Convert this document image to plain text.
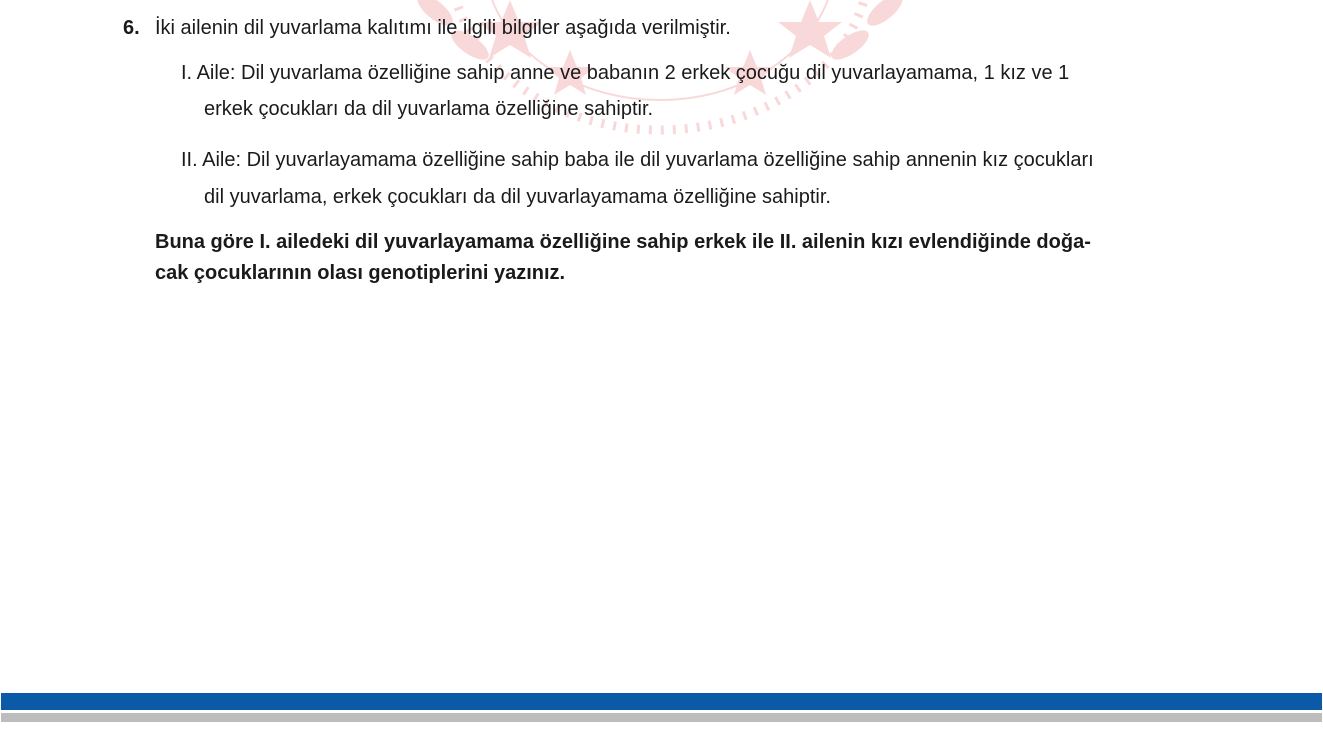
6. İki ailenin dil yuvarlama kalıtımı ile ilgili bilgiler aşağıda verilmiştir.
I. Aile: Dil yuvarlama özelliğine sahip anne ve babanın 2 erkek çocuğu dil yuvarlayamama, 1 kız ve 1
erkek çocukları da dil yuvarlama özelliğine sahiptir.
II. Aile: Dil yuvarlayamama özelliğine sahip baba ile dil yuvarlama özelliğine sahip annenin kız çocukları
dil yuvarlama, erkek çocukları da dil yuvarlayamama özelliğine sahiptir.
Buna göre I. ailedeki dil yuvarlayamama özelliğine sahip erkek ile II. ailenin kızı evlendiğinde doğa-
cak çocuklarının olası genotiplerini yazınız.
